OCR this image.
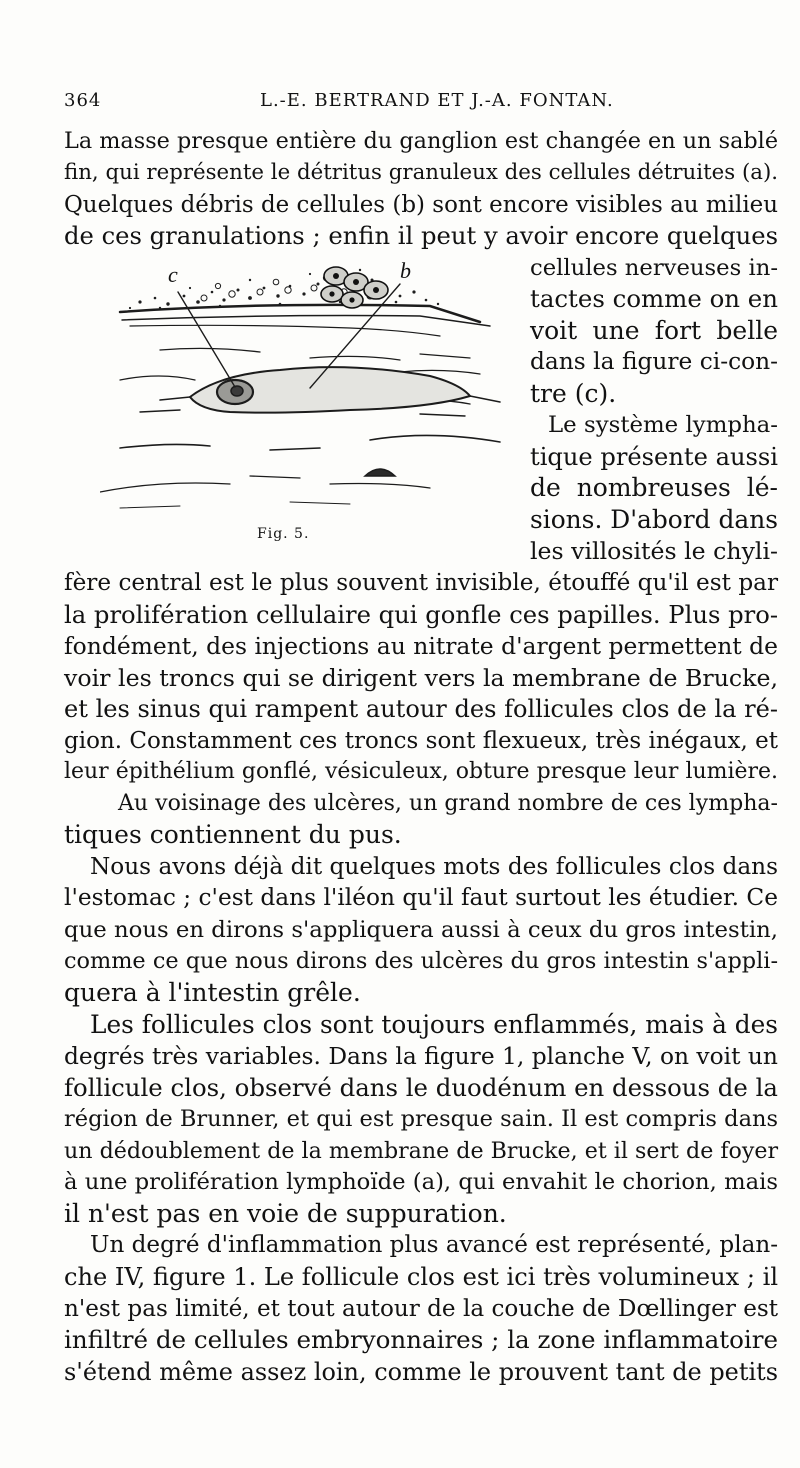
364	L.-E. BERTRAND ET J.-A. FONTAN.
La masse presque entière du ganglion est changée en un sablé
fin, qui représente le détritus granuleux des cellules détruites (a).
Quelques débris de cellules (b) sont encore visibles au milieu
de ces granulations ; enfin il peut y avoir encore quelques
cellules nerveuses in-
tactes comme on en
voit une fort belle
dans la figure ci-con-
tre (c).
Le système lympha-
tique présente aussi
de nombreuses lé-
sions. D'abord dans
les villosités le chyli-
fère central est le plus souvent invisible, étouffé qu'il est par
la prolifération cellulaire qui gonfle ces papilles. Plus pro-
fondément, des injections au nitrate d'argent permettent de
voir les troncs qui se dirigent vers la membrane de Brucke,
et les sinus qui rampent autour des follicules clos de la ré-
gion. Constamment ces troncs sont flexueux, très inégaux, et
leur épithélium gonflé, vésiculeux, obture presque leur lumière.
Au voisinage des ulcères, un grand nombre de ces lympha-
tiques contiennent du pus.
Nous avons déjà dit quelques mots des follicules clos dans
l'estomac ; c'est dans l'iléon qu'il faut surtout les étudier. Ce
que nous en dirons s'appliquera aussi à ceux du gros intestin,
comme ce que nous dirons des ulcères du gros intestin s'appli-
quera à l'intestin grêle.
Les follicules clos sont toujours enflammés, mais à des
degrés très variables. Dans la figure 1, planche V, on voit un
follicule clos, observé dans le duodénum en dessous de la
région de Brunner, et qui est presque sain. Il est compris dans
un dédoublement de la membrane de Brucke, et il sert de foyer
à une prolifération lymphoïde (a), qui envahit le chorion, mais
il n'est pas en voie de suppuration.
Un degré d'inflammation plus avancé est représenté, plan-
che IV, figure 1. Le follicule clos est ici très volumineux ; il
n'est pas limité, et tout autour de la couche de Dœllinger est
infiltré de cellules embryonnaires ; la zone inflammatoire
s'étend même assez loin, comme le prouvent tant de petits
c	b
Fig. 5.
